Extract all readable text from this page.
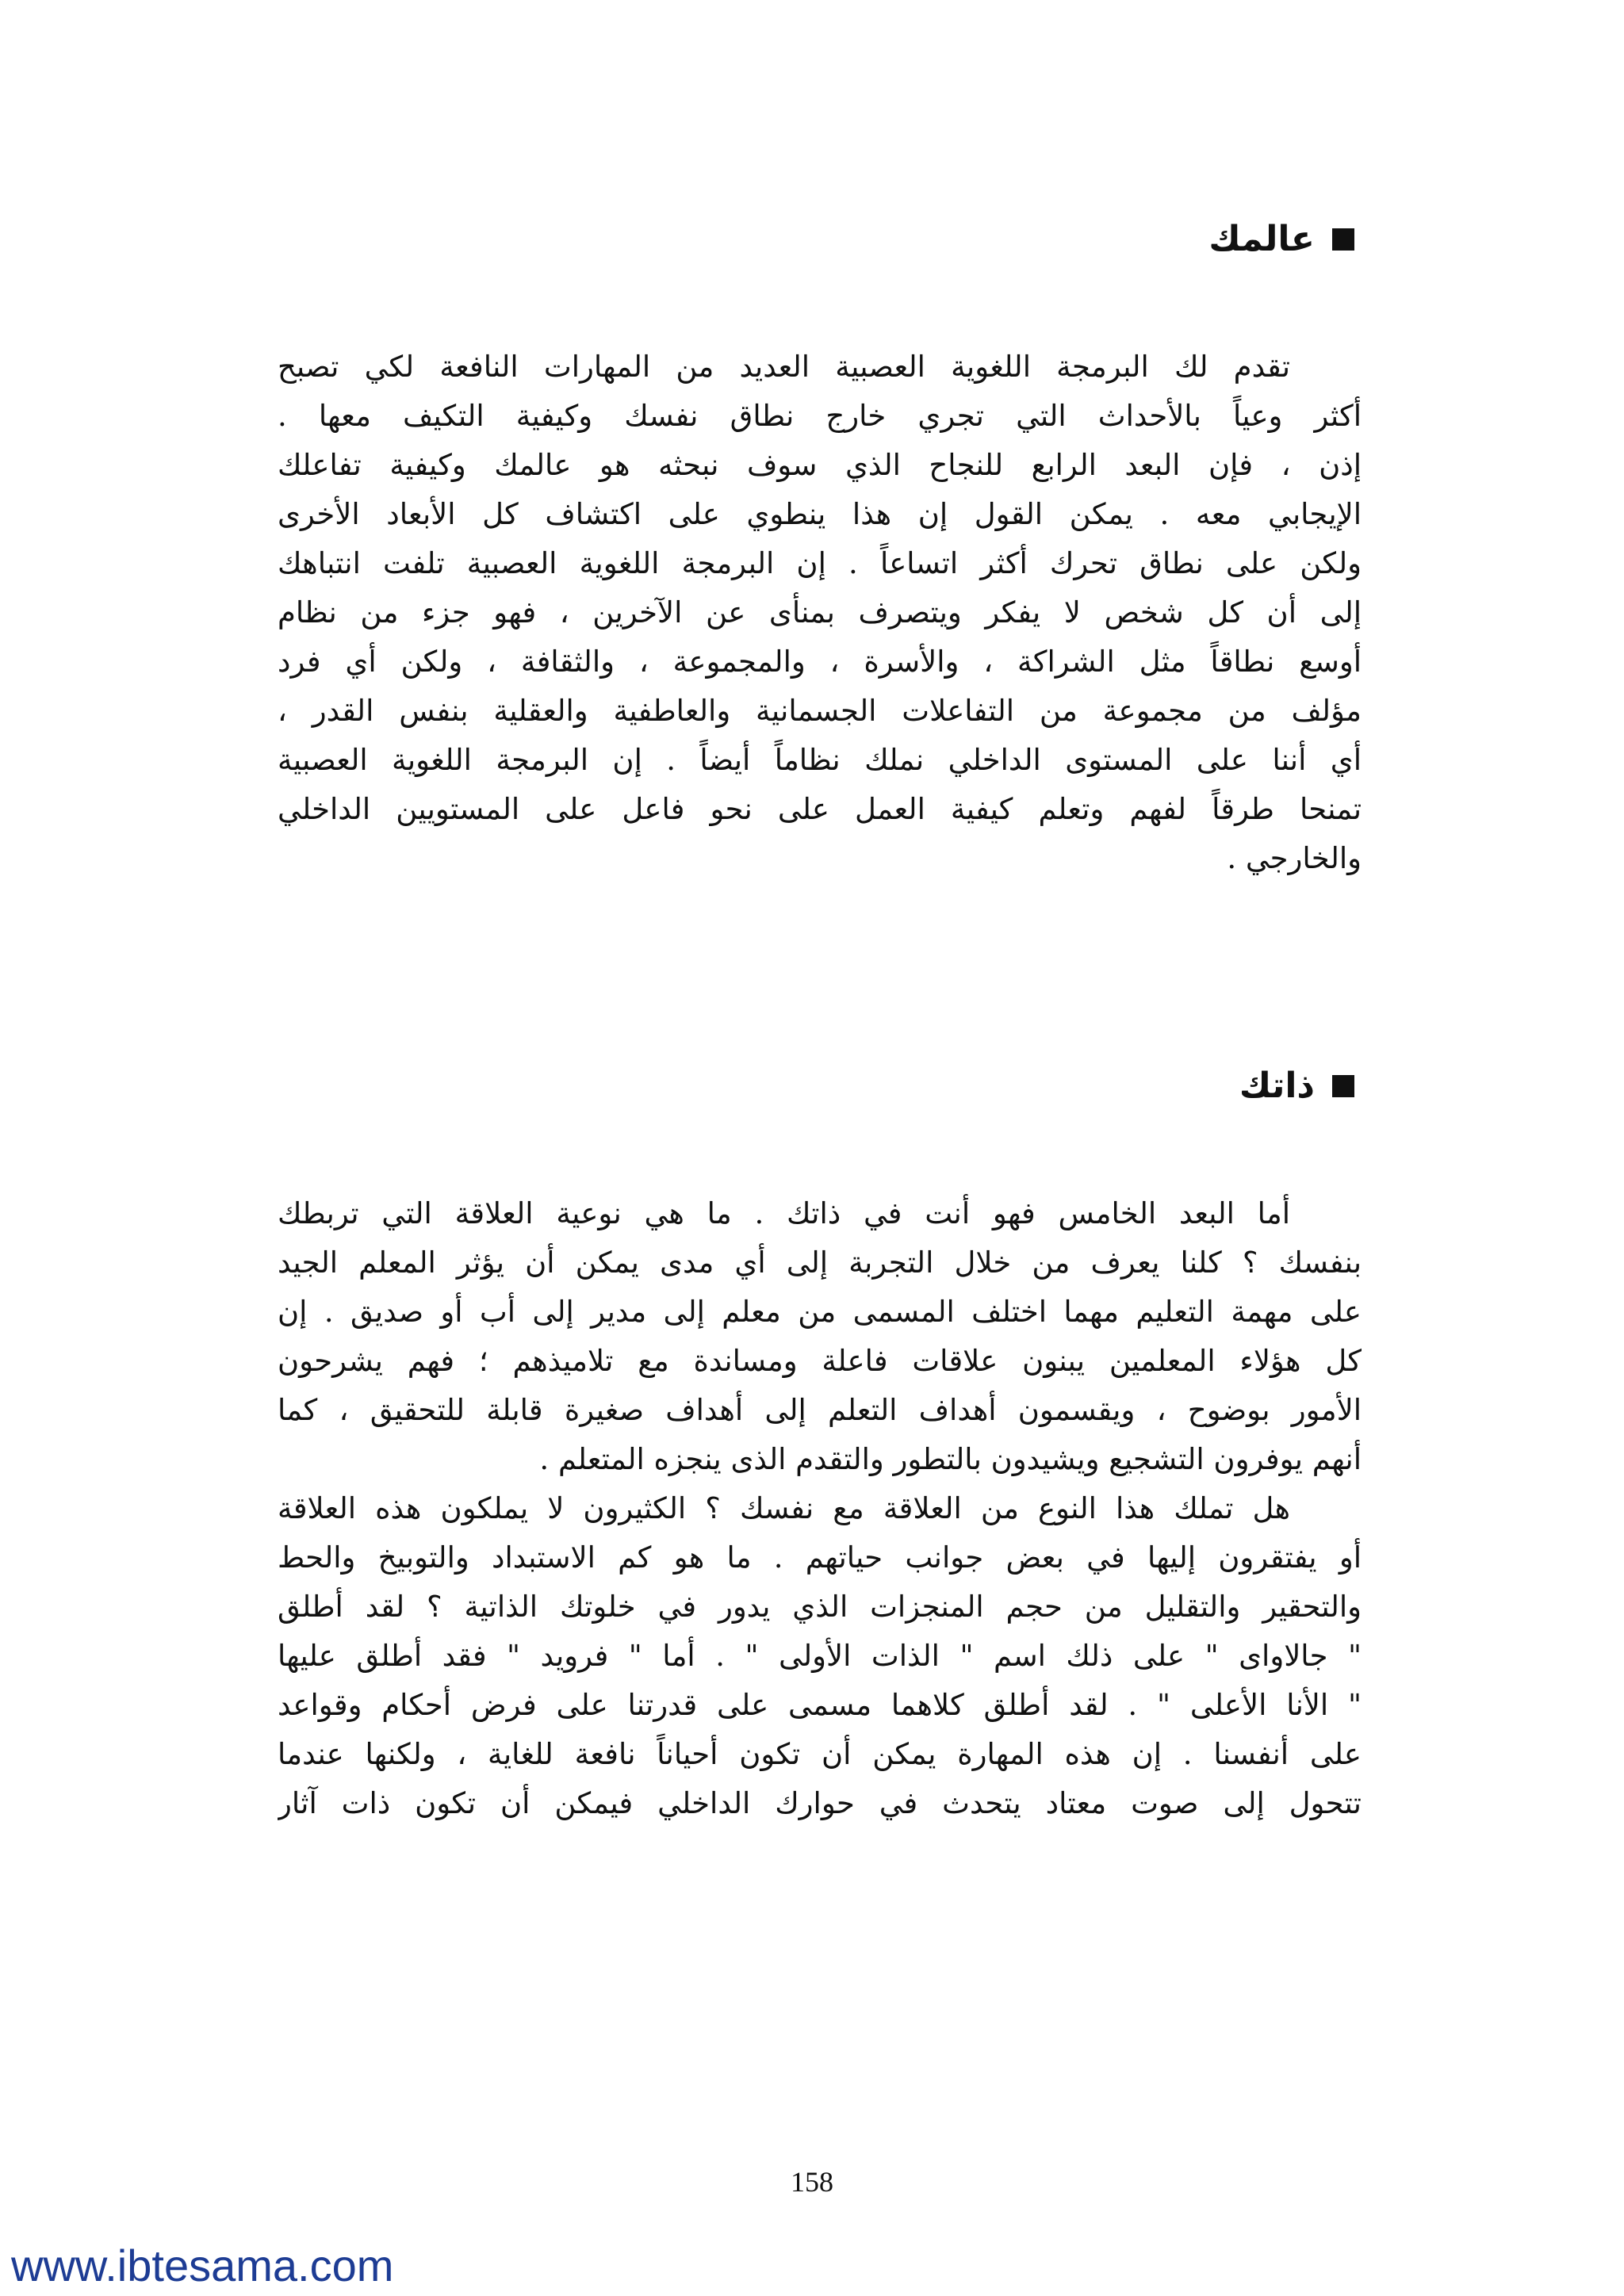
عالمك
تقدم لك البرمجة اللغوية العصبية العديد من المهارات النافعة لكي تصبح
أكثر وعياً بالأحداث التي تجري خارج نطاق نفسك وكيفية التكيف معها .
إذن ، فإن البعد الرابع للنجاح الذي سوف نبحثه هو عالمك وكيفية تفاعلك
الإيجابي معه . يمكن القول إن هذا ينطوي على اكتشاف كل الأبعاد الأخرى
ولكن على نطاق تحرك أكثر اتساعاً . إن البرمجة اللغوية العصبية تلفت انتباهك
إلى أن كل شخص لا يفكر ويتصرف بمنأى عن الآخرين ، فهو جزء من نظام
أوسع نطاقاً مثل الشراكة ، والأسرة ، والمجموعة ، والثقافة ، ولكن أي فرد
مؤلف من مجموعة من التفاعلات الجسمانية والعاطفية والعقلية بنفس القدر ،
أي أننا على المستوى الداخلي نملك نظاماً أيضاً . إن البرمجة اللغوية العصبية
تمنحا طرقاً لفهم وتعلم كيفية العمل على نحو فاعل على المستويين الداخلي
والخارجي .
ذاتك
أما البعد الخامس فهو أنت في ذاتك . ما هي نوعية العلاقة التي تربطك
بنفسك ؟ كلنا يعرف من خلال التجربة إلى أي مدى يمكن أن يؤثر المعلم الجيد
على مهمة التعليم مهما اختلف المسمى من معلم إلى مدير إلى أب أو صديق . إن
كل هؤلاء المعلمين يبنون علاقات فاعلة ومساندة مع تلاميذهم ؛ فهم يشرحون
الأمور بوضوح ، ويقسمون أهداف التعلم إلى أهداف صغيرة قابلة للتحقيق ، كما
أنهم يوفرون التشجيع ويشيدون بالتطور والتقدم الذى ينجزه المتعلم .
هل تملك هذا النوع من العلاقة مع نفسك ؟ الكثيرون لا يملكون هذه العلاقة
أو يفتقرون إليها في بعض جوانب حياتهم . ما هو كم الاستبداد والتوبيخ والحط
والتحقير والتقليل من حجم المنجزات الذي يدور في خلوتك الذاتية ؟ لقد أطلق
" جالاواى " على ذلك اسم " الذات الأولى " . أما " فرويد " فقد أطلق عليها
" الأنا الأعلى " . لقد أطلق كلاهما مسمى على قدرتنا على فرض أحكام وقواعد
على أنفسنا . إن هذه المهارة يمكن أن تكون أحياناً نافعة للغاية ، ولكنها عندما
تتحول إلى صوت معتاد يتحدث في حوارك الداخلي فيمكن أن تكون ذات آثار
158
www.ibtesama.com
